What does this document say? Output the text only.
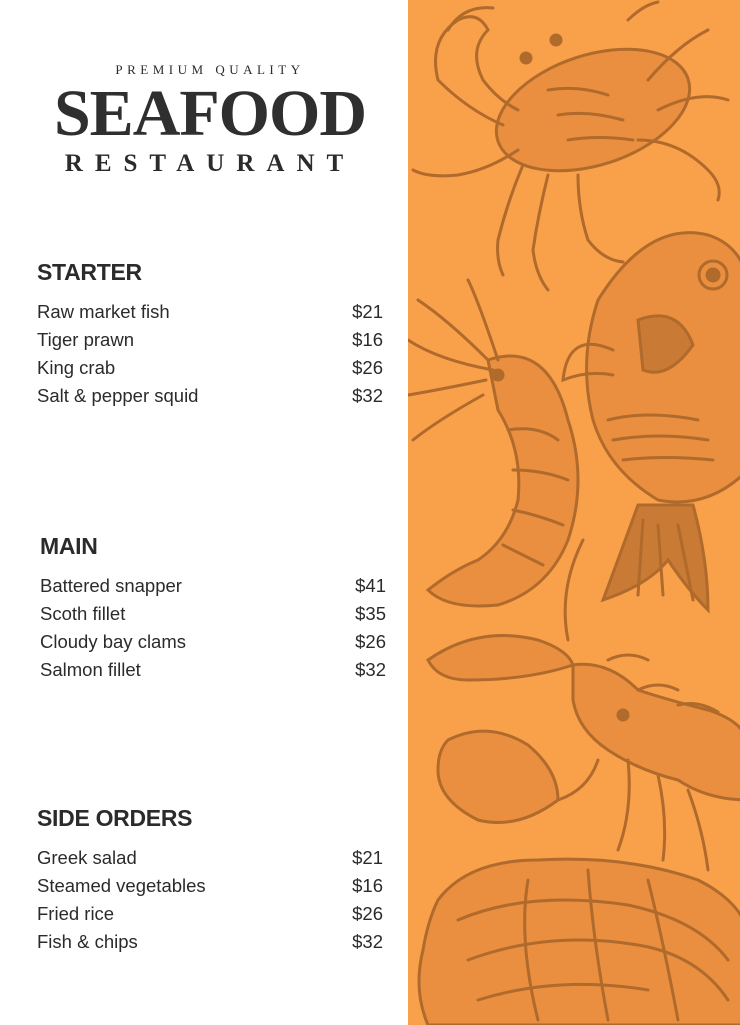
PREMIUM QUALITY
SEAFOOD
RESTAURANT
STARTER
Raw market fish	$21
Tiger prawn	$16
King crab	$26
Salt & pepper squid	$32
MAIN
Battered snapper	$41
Scoth fillet	$35
Cloudy bay clams	$26
Salmon fillet	$32
SIDE ORDERS
Greek salad	$21
Steamed vegetables	$16
Fried rice	$26
Fish & chips	$32
